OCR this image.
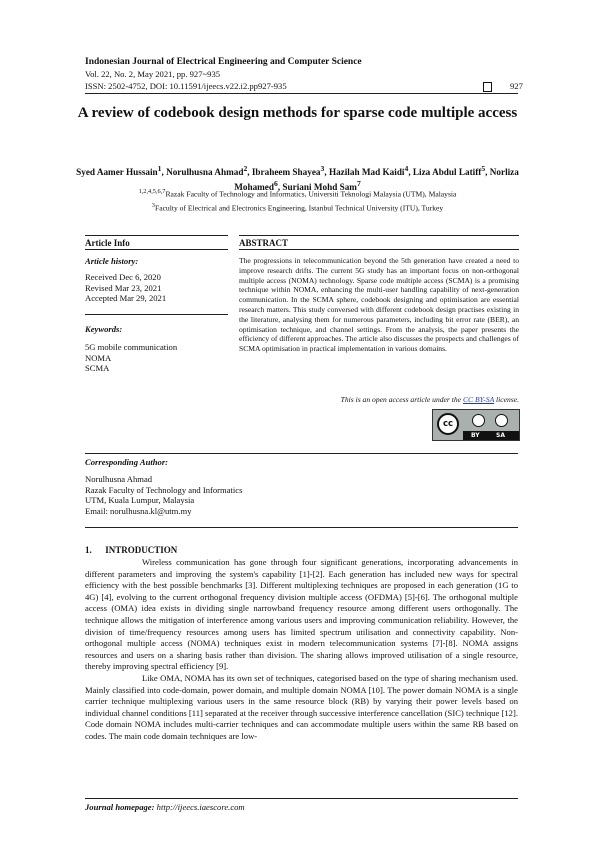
Indonesian Journal of Electrical Engineering and Computer Science
Vol. 22, No. 2, May 2021, pp. 927~935
ISSN: 2502-4752, DOI: 10.11591/ijeecs.v22.i2.pp927-935	927
A review of codebook design methods for sparse code multiple access
Syed Aamer Hussain$^1$, Norulhusna Ahmad$^2$, Ibraheem Shayea$^3$, Hazilah Mad Kaidi$^4$, Liza Abdul Latiff$^5$, Norliza Mohamed$^6$, Suriani Mohd Sam$^7$
$^{1,2,4,5,6,7}$Razak Faculty of Technology and Informatics, Universiti Teknologi Malaysia (UTM), Malaysia
$^3$Faculty of Electrical and Electronics Engineering, Istanbul Technical University (ITU), Turkey
Article Info
Article history:
Received Dec 6, 2020
Revised Mar 23, 2021
Accepted Mar 29, 2021
Keywords:
5G mobile communication
NOMA
SCMA
ABSTRACT
The progressions in telecommunication beyond the 5th generation have created a need to improve research drifts. The current 5G study has an important focus on non-orthogonal multiple access (NOMA) technology. Sparse code multiple access (SCMA) is a promising technique within NOMA, enhancing the multi-user handling capability of next-generation communication. In the SCMA sphere, codebook designing and optimisation are essential research matters. This study conversed with different codebook design practises existing in the literature, analysing them for numerous parameters, including bit error rate (BER), an optimisation technique, and channel settings. From the analysis, the paper presents the efficiency of different approaches. The article also discusses the prospects and challenges of SCMA optimisation in practical implementation in various domains.
This is an open access article under the CC BY-SA license.
cc
BY	SA
Corresponding Author:
Norulhusna Ahmad
Razak Faculty of Technology and Informatics
UTM, Kuala Lumpur, Malaysia
Email: norulhusna.kl@utm.my
1.      INTRODUCTION

Wireless communication has gone through four significant generations, incorporating advancements in different parameters and improving the system's capability [1]-[2]. Each generation has included new ways for spectral efficiency with the best possible benchmarks [3]. Different multiplexing techniques are proposed in each generation (1G to 4G) [4], evolving to the current orthogonal frequency division multiple access (OFDMA) [5]-[6]. The orthogonal multiple access (OMA) idea exists in dividing single narrowband frequency resource among different users orthogonally. The technique allows the mitigation of interference among various users and improving communication reliability. However, the division of time/frequency resources among users has limited spectrum utilisation and connectivity capability. Non-orthogonal multiple access (NOMA) techniques exist in modern telecommunication systems [7]-[8]. NOMA assigns resources and users on a sharing basis rather than division. The sharing allows improved utilisation of a single resource, thereby improving spectral efficiency [9].

Like OMA, NOMA has its own set of techniques, categorised based on the type of sharing mechanism used. Mainly classified into code-domain, power domain, and multiple domain NOMA [10]. The power domain NOMA is a single carrier technique multiplexing various users in the same resource block (RB) by varying their power levels based on individual channel conditions [11] separated at the receiver through successive interference cancellation (SIC) technique [12]. Code domain NOMA includes multi-carrier techniques and can accommodate multiple users within the same RB based on codes. The main code domain techniques are low-

Journal homepage: http://ijeecs.iaescore.com
